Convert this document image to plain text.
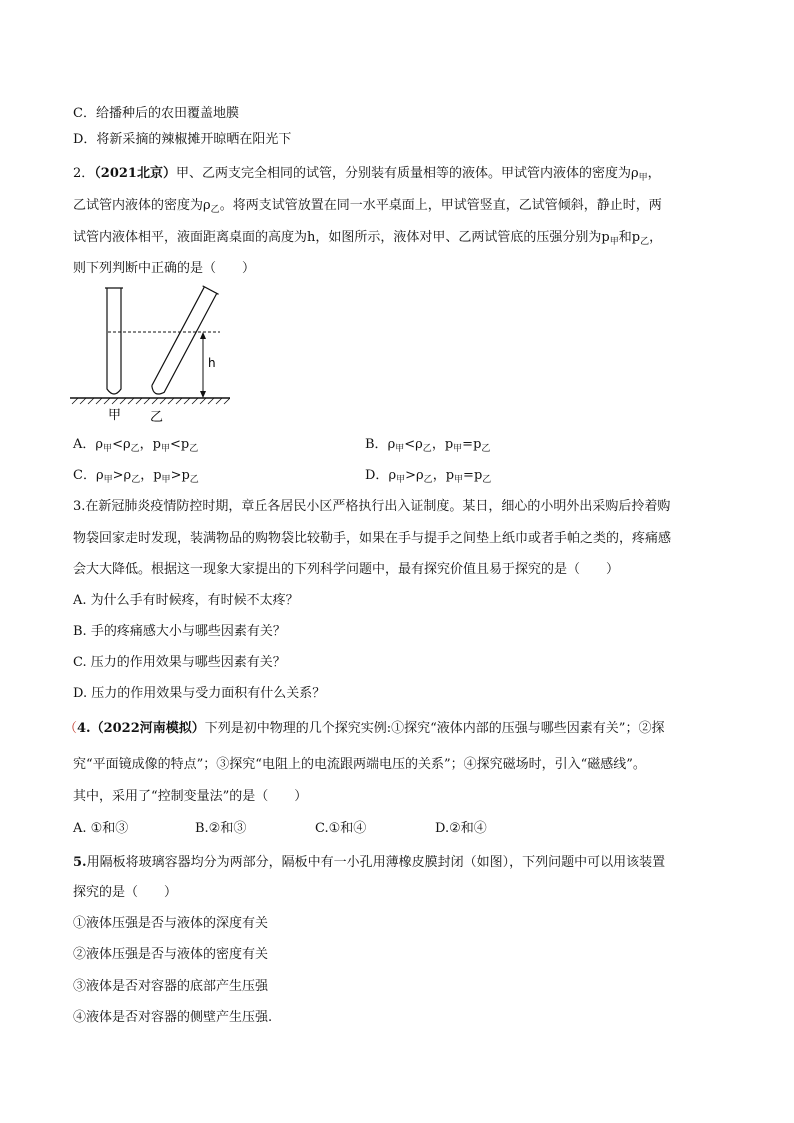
C．给播种后的农田覆盖地膜
D．将新采摘的辣椒摊开晾晒在阳光下
2．（2021北京）甲、乙两支完全相同的试管，分别装有质量相等的液体。甲试管内液体的密度为$\rho_甲$，
乙试管内液体的密度为$\rho_乙$。将两支试管放置在同一水平桌面上，甲试管竖直，乙试管倾斜，静止时，两
试管内液体相平，液面距离桌面的高度为h，如图所示，液体对甲、乙两试管底的压强分别为$p_甲$和$p_乙$，
则下列判断中正确的是（　　）
h
甲 乙
A．$\rho_甲<\rho_乙$，$p_甲<p_乙$	B．$\rho_甲<\rho_乙$，$p_甲=p_乙$
C．$\rho_甲>\rho_乙$，$p_甲>p_乙$	D．$\rho_甲>\rho_乙$，$p_甲=p_乙$
3.在新冠肺炎疫情防控时期，章丘各居民小区严格执行出入证制度。某日，细心的小明外出采购后拎着购
物袋回家走时发现，装满物品的购物袋比较勒手，如果在手与提手之间垫上纸巾或者手帕之类的，疼痛感
会大大降低。根据这一现象大家提出的下列科学问题中，最有探究价值且易于探究的是（　　）
A. 为什么手有时候疼，有时候不太疼？
B. 手的疼痛感大小与哪些因素有关？
C. 压力的作用效果与哪些因素有关？
D. 压力的作用效果与受力面积有什么关系？
（4.（2022河南模拟）下列是初中物理的几个探究实例:①探究“液体内部的压强与哪些因素有关”；②探
究“平面镜成像的特点”；③探究“电阻上的电流跟两端电压的关系”；④探究磁场时，引入“磁感线”。
其中，采用了“控制变量法”的是（　　）
A. ①和③	B.②和③	C.①和④	D.②和④
5.用隔板将玻璃容器均分为两部分，隔板中有一小孔用薄橡皮膜封闭（如图），下列问题中可以用该装置
探究的是（　　）
①液体压强是否与液体的深度有关
②液体压强是否与液体的密度有关
③液体是否对容器的底部产生压强
④液体是否对容器的侧壁产生压强.
